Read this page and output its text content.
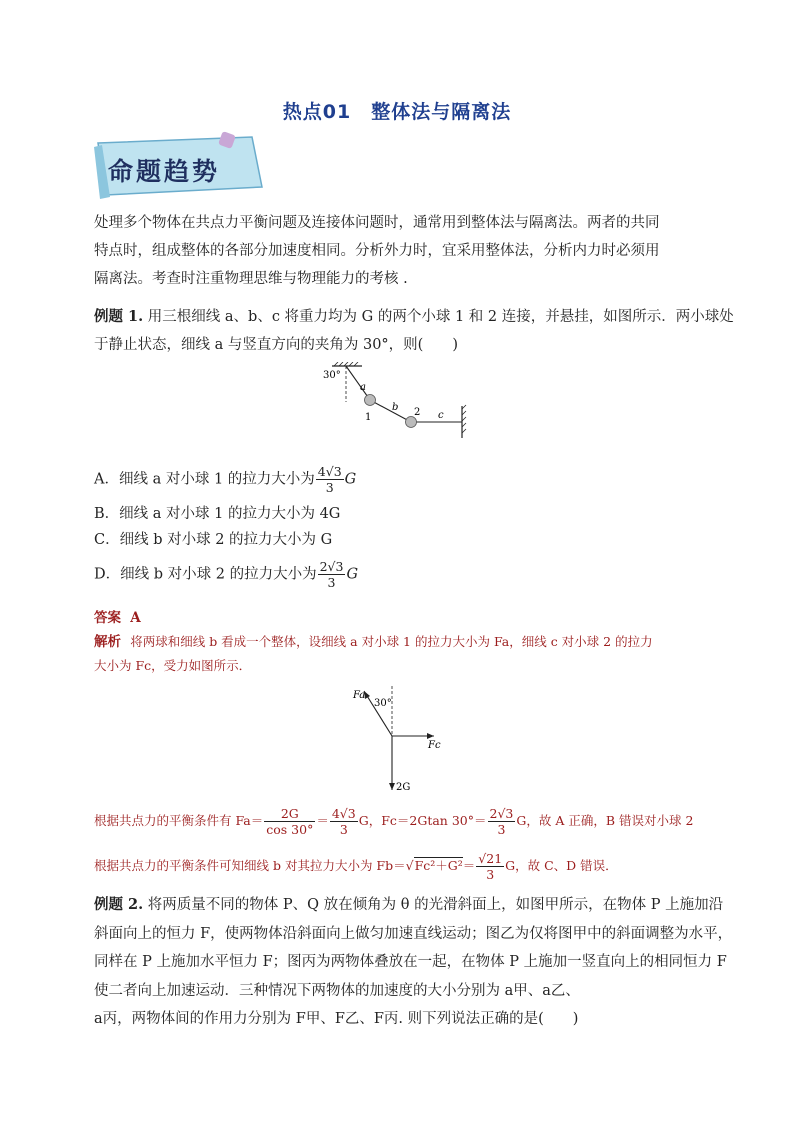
热点01　整体法与隔离法
命题趋势
处理多个物体在共点力平衡问题及连接体问题时，通常用到整体法与隔离法。两者的共同
特点时，组成整体的各部分加速度相同。分析外力时，宜采用整体法，分析内力时必须用
隔离法。考查时注重物理思维与物理能力的考核 .
例题 1. 用三根细线 a、b、c 将重力均为 G 的两个小球 1 和 2 连接，并悬挂，如图所示．两小球处
于静止状态，细线 a 与竖直方向的夹角为 30°，则(　　)
30°
a
b
c
1	2
A．细线 a 对小球 1 的拉力大小为 $\frac{4√3}{3}$ G
B．细线 a 对小球 1 的拉力大小为 4G
C．细线 b 对小球 2 的拉力大小为 G
D．细线 b 对小球 2 的拉力大小为 $\frac{2√3}{3}$ G
答案 A
解析 将两球和细线 b 看成一个整体，设细线 a 对小球 1 的拉力大小为 Fa，细线 c 对小球 2 的拉力
大小为 Fc，受力如图所示．
Fa
30°
Fc
2G
根据共点力的平衡条件有 $Fa= \frac{2G}{\cos 30^\circ} = \frac{4√3}{3}$ G，Fc＝2Gtan $30^\circ= \frac{2√3}{3}$ G，故 A 正确，B 错误对小球 2
根据共点力的平衡条件可知细线 b 对其拉力大小为 $Fb=√Fc^2+G^2= \frac{√21}{3}$ G，故 C、D 错误．
例题 2. 将两质量不同的物体 P、Q 放在倾角为 θ 的光滑斜面上，如图甲所示，在物体 P 上施加沿
斜面向上的恒力 F，使两物体沿斜面向上做匀加速直线运动；图乙为仅将图甲中的斜面调整为水平，
同样在 P 上施加水平恒力 F；图丙为两物体叠放在一起，在物体 P 上施加一竖直向上的相同恒力 F
使二者向上加速运动．三种情况下两物体的加速度的大小分别为 a甲、a乙、
a丙，两物体间的作用力分别为 F甲、F乙、F丙. 则下列说法正确的是(　　)
